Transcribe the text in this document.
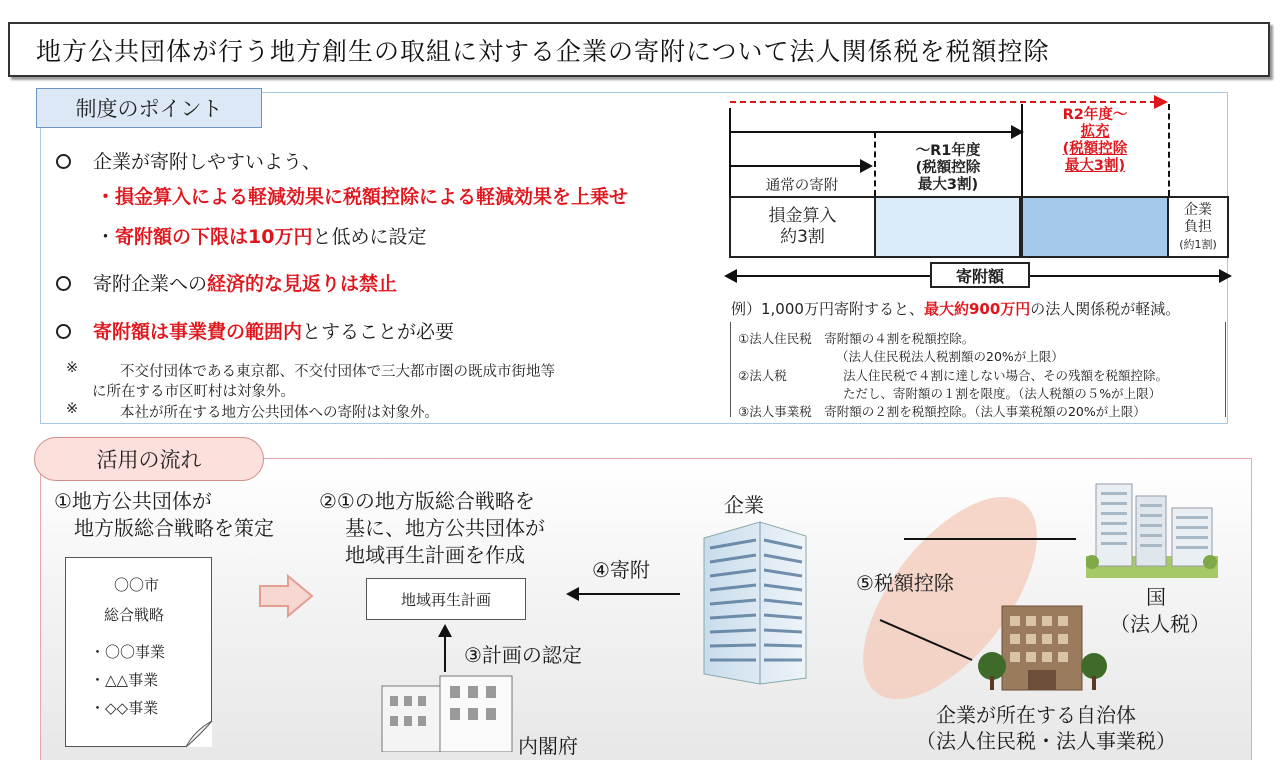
地方公共団体が行う地方創生の取組に対する企業の寄附について法人関係税を税額控除
制度のポイント
企業が寄附しやすいよう、
・損金算入による軽減効果に税額控除による軽減効果を上乗せ
・寄附額の下限は10万円と低めに設定
寄附企業への経済的な見返りは禁止
寄附額は事業費の範囲内とすることが必要
※	不交付団体である東京都、不交付団体で三大都市圏の既成市街地等
に所在する市区町村は対象外。
※	本社が所在する地方公共団体への寄附は対象外。
R2年度～
拡充
(税額控除
最大3割)
～R1年度
(税額控除
最大3割)
通常の寄附
損金算入
約3割
企業
負担
(約1割)
寄附額
例）1,000万円寄附すると、最大約900万円の法人関係税が軽減。
①法人住民税　寄附額の４割を税額控除。
（法人住民税法人税割額の20%が上限）
②法人税	法人住民税で４割に達しない場合、その残額を税額控除。
ただし、寄附額の１割を限度。（法人税額の５%が上限）
③法人事業税　寄附額の２割を税額控除。（法人事業税額の20%が上限）
活用の流れ
①地方公共団体が
地方版総合戦略を策定
〇〇市
総合戦略
・〇〇事業
・△△事業
・◇◇事業
②①の地方版総合戦略を
基に、地方公共団体が
地域再生計画を作成
地域再生計画
④寄附
③計画の認定
内閣府
企業
⑤税額控除
国
（法人税）
企業が所在する自治体
（法人住民税・法人事業税）
